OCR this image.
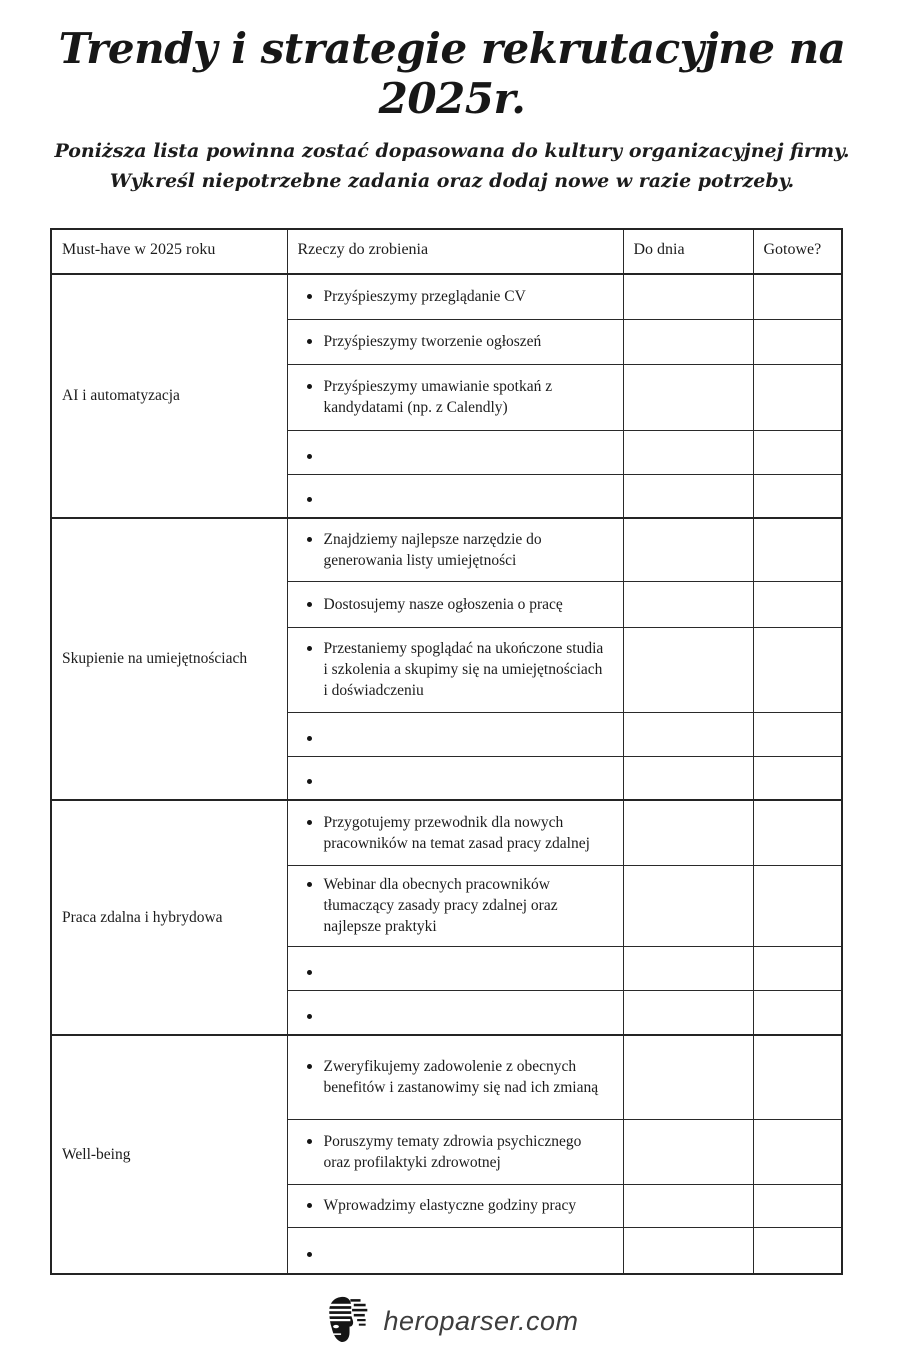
Trendy i strategie rekrutacyjne na 2025r.
Poniższa lista powinna zostać dopasowana do kultury organizacyjnej firmy.
Wykreśl niepotrzebne zadania oraz dodaj nowe w razie potrzeby.
Must-have w 2025 roku	Rzeczy do zrobienia	Do dnia	Gotowe?
AI i automatyzacja	Przyśpieszymy przeglądanie CV		

	Przyśpieszymy tworzenie ogłoszeń		

	Przyśpieszymy umawianie spotkań z kandydatami (np. z Calendly)		

Skupienie na umiejętnościach	Znajdziemy najlepsze narzędzie do generowania listy umiejętności		

	Dostosujemy nasze ogłoszenia o pracę		

	Przestaniemy spoglądać na ukończone studia i szkolenia a skupimy się na umiejętnościach i doświadczeniu		

Praca zdalna i hybrydowa	Przygotujemy przewodnik dla nowych pracowników na temat zasad pracy zdalnej		

	Webinar dla obecnych pracowników tłumaczący zasady pracy zdalnej oraz najlepsze praktyki		

Well-being	Zweryfikujemy zadowolenie z obecnych benefitów i zastanowimy się nad ich zmianą		

	Poruszymy tematy zdrowia psychicznego oraz profilaktyki zdrowotnej		

	Wprowadzimy elastyczne godziny pracy		

heroparser.com
